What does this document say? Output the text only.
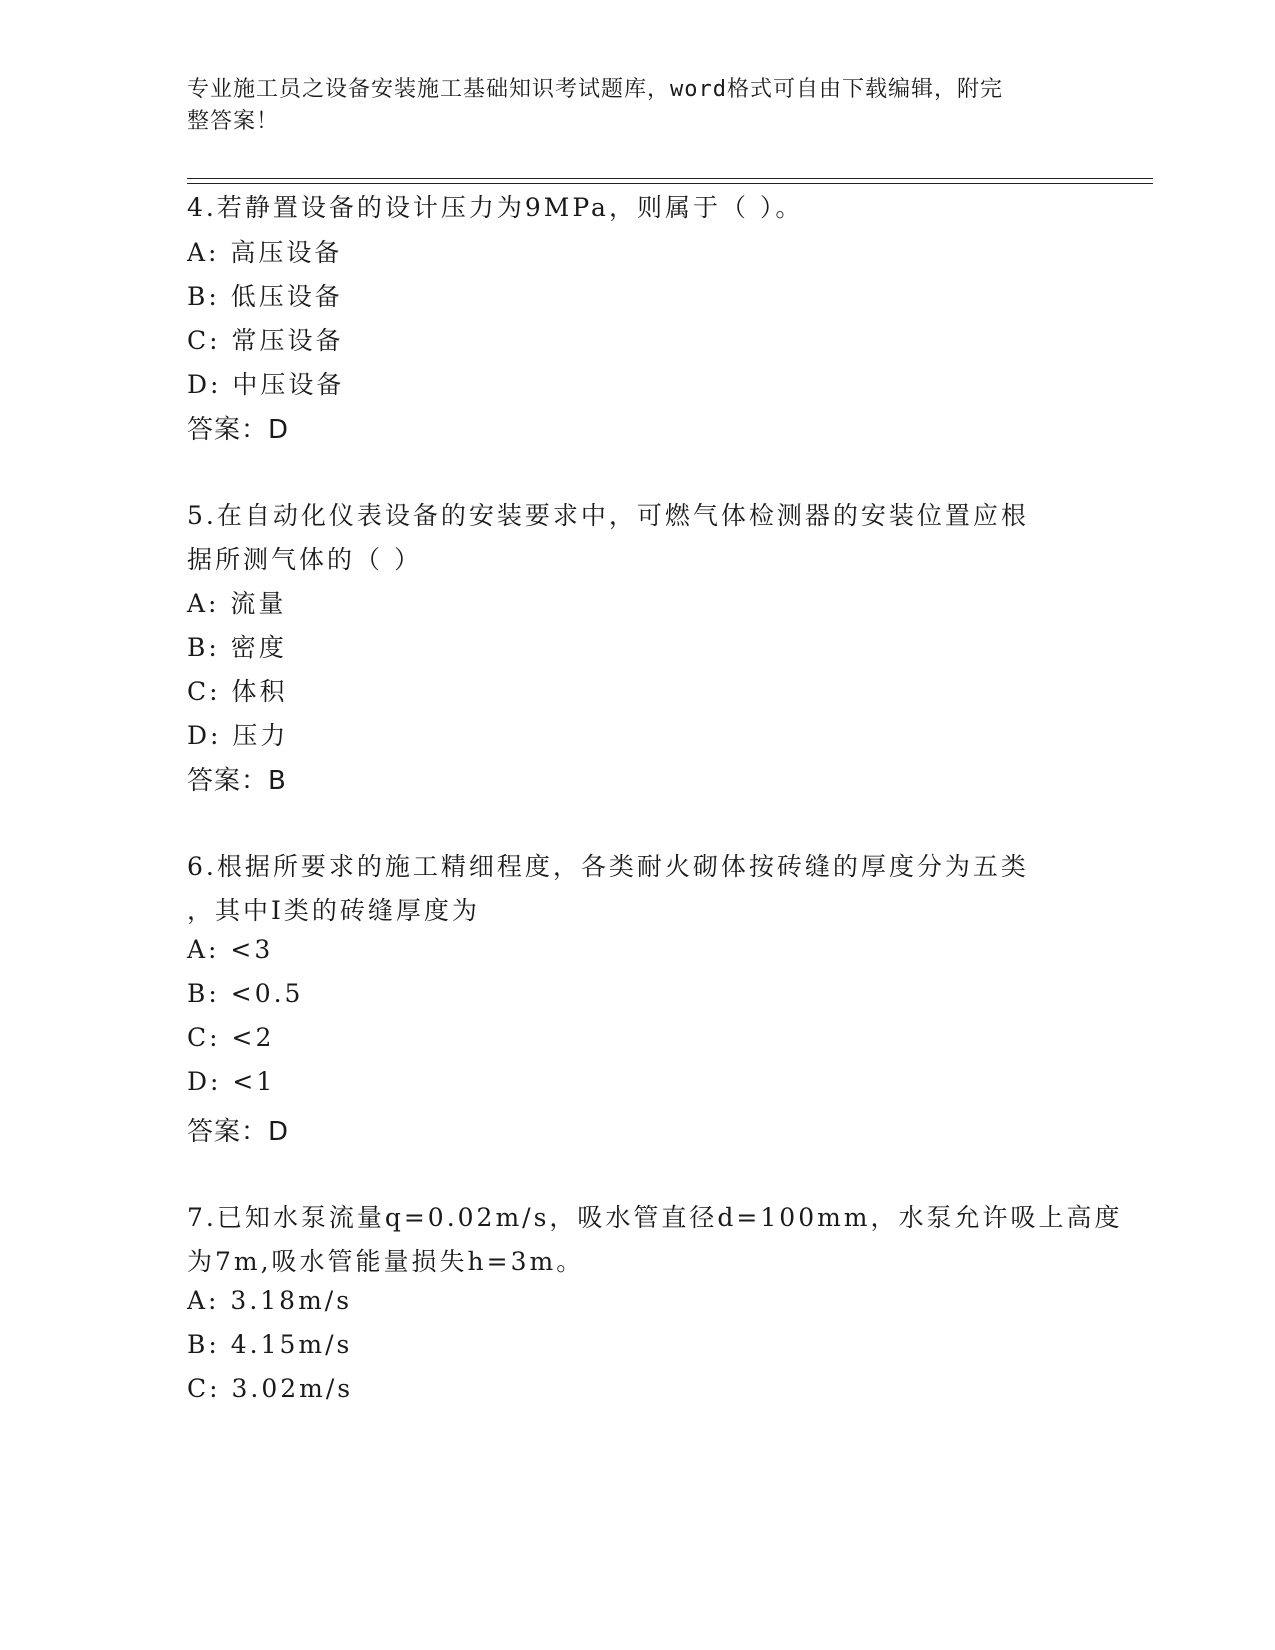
专业施工员之设备安装施工基础知识考试题库，word格式可自由下载编辑，附完
整答案！
4.若静置设备的设计压力为9MPa，则属于（ ）。
A: 高压设备
B: 低压设备
C: 常压设备
D: 中压设备
答案：D
5.在自动化仪表设备的安装要求中，可燃气体检测器的安装位置应根
据所测气体的（ ）
A: 流量
B: 密度
C: 体积
D: 压力
答案：B
6.根据所要求的施工精细程度，各类耐火砌体按砖缝的厚度分为五类
，其中I类的砖缝厚度为
A: <3
B: <0.5
C: <2
D: <1
答案：D
7.已知水泵流量q=0.02m/s，吸水管直径d=100mm，水泵允许吸上高度
为7m,吸水管能量损失h=3m。
A: 3.18m/s
B: 4.15m/s
C: 3.02m/s
